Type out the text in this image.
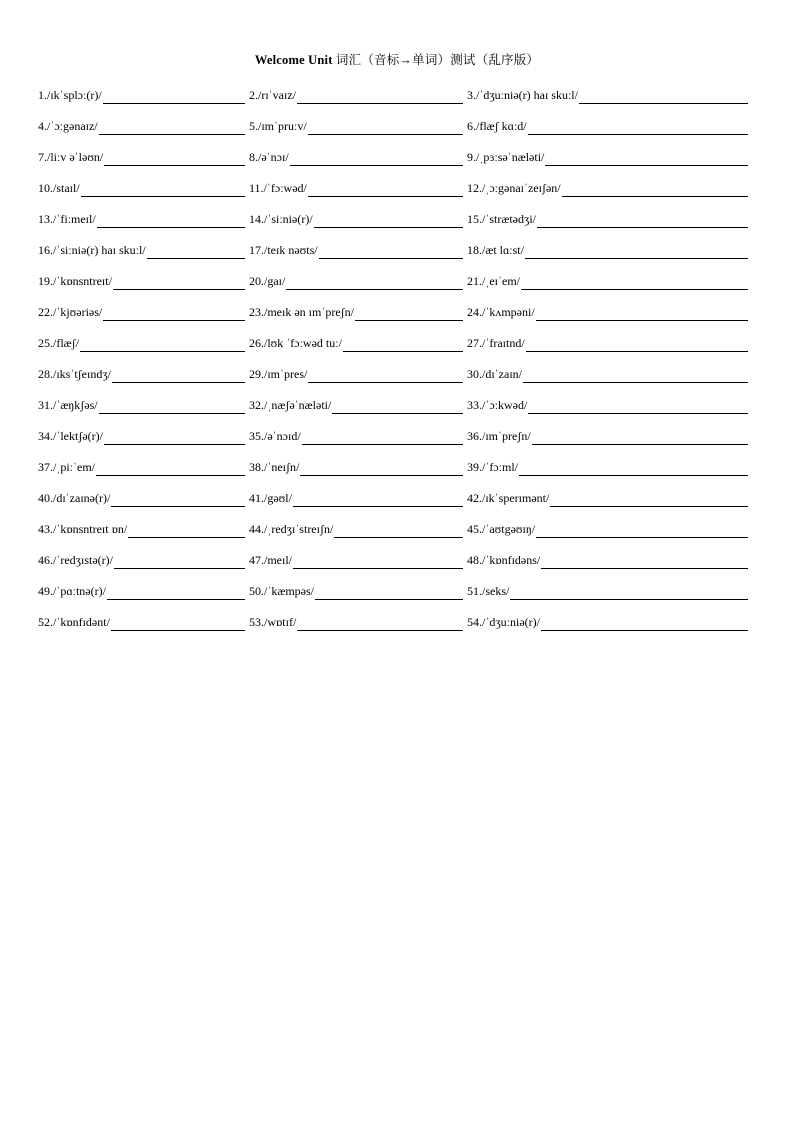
Welcome Unit 词汇（音标→单词）测试（乱序版）
1./ɪkˈsplɔː(r)/	2./rɪˈvaɪz/	3./ˈdʒuːniə(r) haɪ skuːl/
4./ˈɔːgənaɪz/	5./ɪmˈpruːv/	6./flæʃ kɑːd/
7./liːv əˈləʊn/	8./əˈnɔɪ/	9./ˌpɜːsəˈnæləti/
10./staɪl/	11./ˈfɔːwəd/	12./ˌɔːgənaɪˈzeɪʃən/
13./ˈfiːmeɪl/	14./ˈsiːniə(r)/	15./ˈstrætədʒi/
16./ˈsiːniə(r) haɪ skuːl/	17./teɪk nəʊts/	18./æt lɑːst/
19./ˈkɒnsntreɪt/	20./gaɪ/	21./ˌeɪˈem/
22./ˈkjʊəriəs/	23./meɪk ən ɪmˈpreʃn/	24./ˈkʌmpəni/
25./flæʃ/	26./lʊk ˈfɔːwəd tuː/	27./ˈfraɪtnd/
28./ɪksˈtʃeɪndʒ/	29./ɪmˈpres/	30./dɪˈzaɪn/
31./ˈæŋkʃəs/	32./ˌnæʃəˈnæləti/	33./ˈɔːkwəd/
34./ˈlektʃə(r)/	35./əˈnɔɪd/	36./ɪmˈpreʃn/
37./ˌpiːˈem/	38./ˈneɪʃn/	39./ˈfɔːml/
40./dɪˈzaɪnə(r)/	41./gəʊl/	42./ɪkˈsperɪmənt/
43./ˈkɒnsntreɪt ɒn/	44./ˌredʒɪˈstreɪʃn/	45./ˈaʊtgəʊɪŋ/
46./ˈredʒɪstə(r)/	47./meɪl/	48./ˈkɒnfɪdəns/
49./ˈpɑːtnə(r)/	50./ˈkæmpəs/	51./seks/
52./ˈkɒnfɪdənt/	53./wɒtɪf/	54./ˈdʒuːniə(r)/
